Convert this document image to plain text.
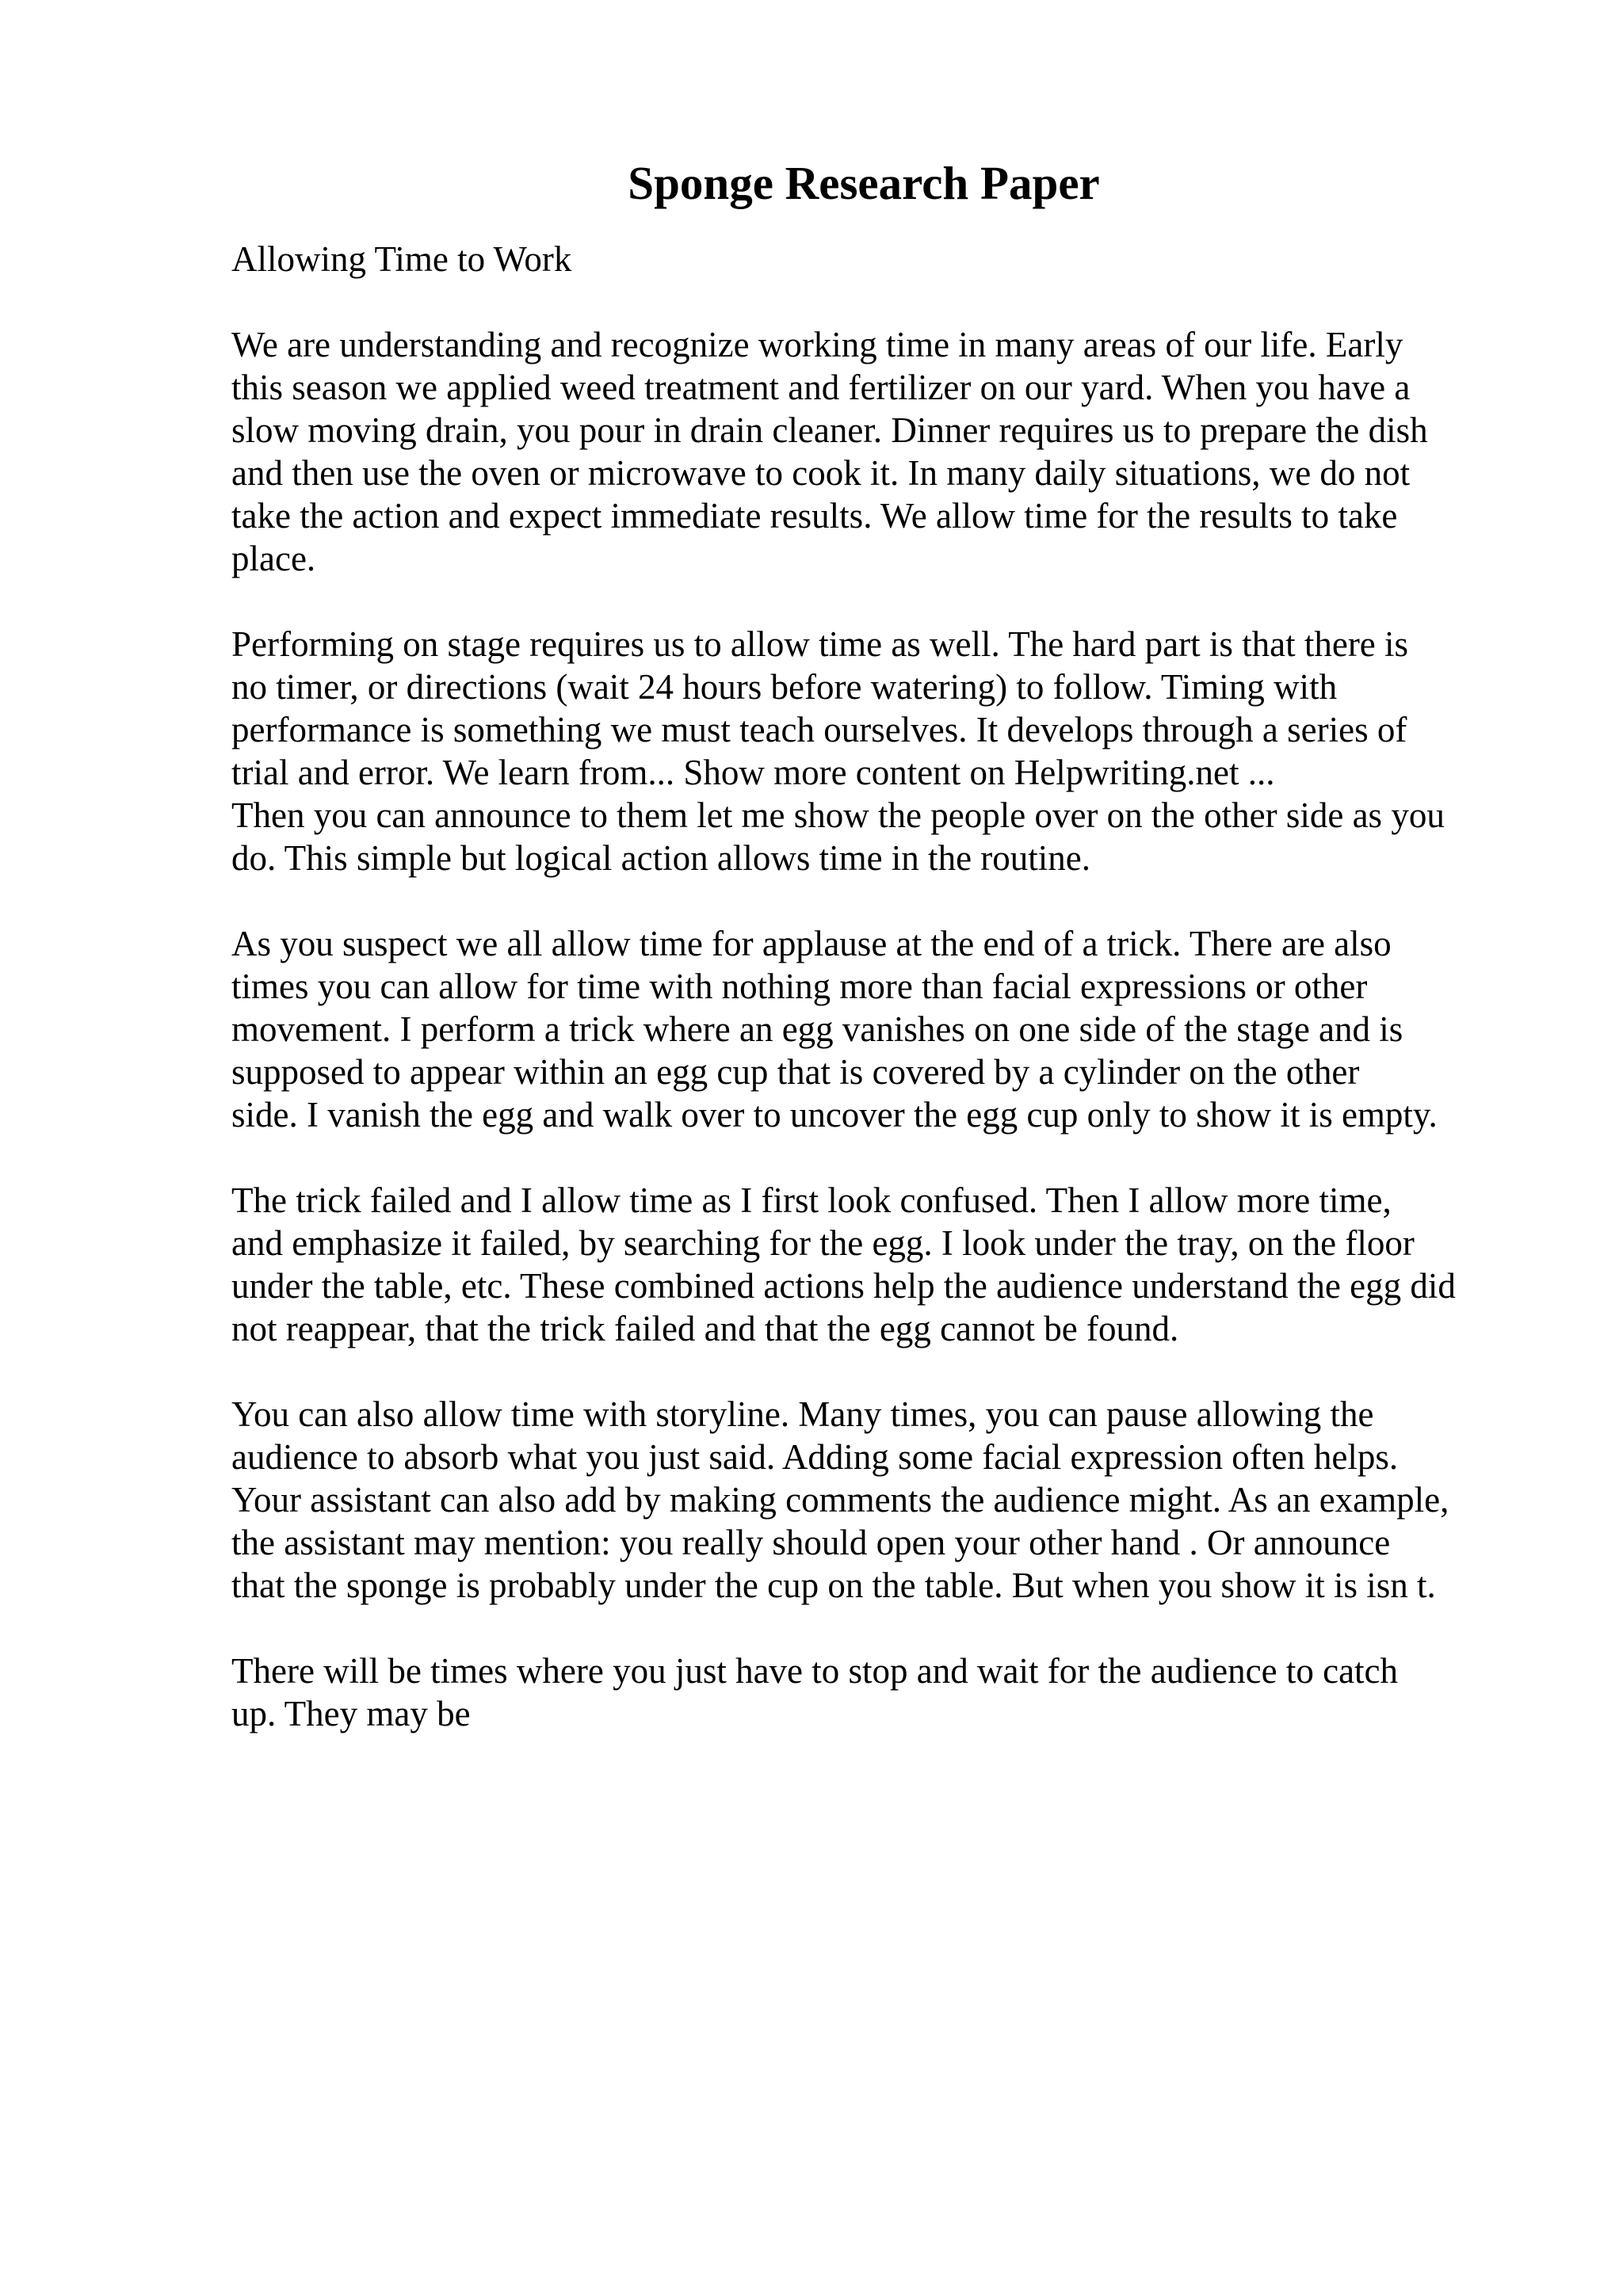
Sponge Research Paper
Allowing Time to Work
We are understanding and recognize working time in many areas of our life. Early
this season we applied weed treatment and fertilizer on our yard. When you have a
slow moving drain, you pour in drain cleaner. Dinner requires us to prepare the dish
and then use the oven or microwave to cook it. In many daily situations, we do not
take the action and expect immediate results. We allow time for the results to take
place.
Performing on stage requires us to allow time as well. The hard part is that there is
no timer, or directions (wait 24 hours before watering) to follow. Timing with
performance is something we must teach ourselves. It develops through a series of
trial and error. We learn from... Show more content on Helpwriting.net ...
Then you can announce to them let me show the people over on the other side as you
do. This simple but logical action allows time in the routine.
As you suspect we all allow time for applause at the end of a trick. There are also
times you can allow for time with nothing more than facial expressions or other
movement. I perform a trick where an egg vanishes on one side of the stage and is
supposed to appear within an egg cup that is covered by a cylinder on the other
side. I vanish the egg and walk over to uncover the egg cup only to show it is empty.
The trick failed and I allow time as I first look confused. Then I allow more time,
and emphasize it failed, by searching for the egg. I look under the tray, on the floor
under the table, etc. These combined actions help the audience understand the egg did
not reappear, that the trick failed and that the egg cannot be found.
You can also allow time with storyline. Many times, you can pause allowing the
audience to absorb what you just said. Adding some facial expression often helps.
Your assistant can also add by making comments the audience might. As an example,
the assistant may mention: you really should open your other hand . Or announce
that the sponge is probably under the cup on the table. But when you show it is isn t.
There will be times where you just have to stop and wait for the audience to catch
up. They may be
